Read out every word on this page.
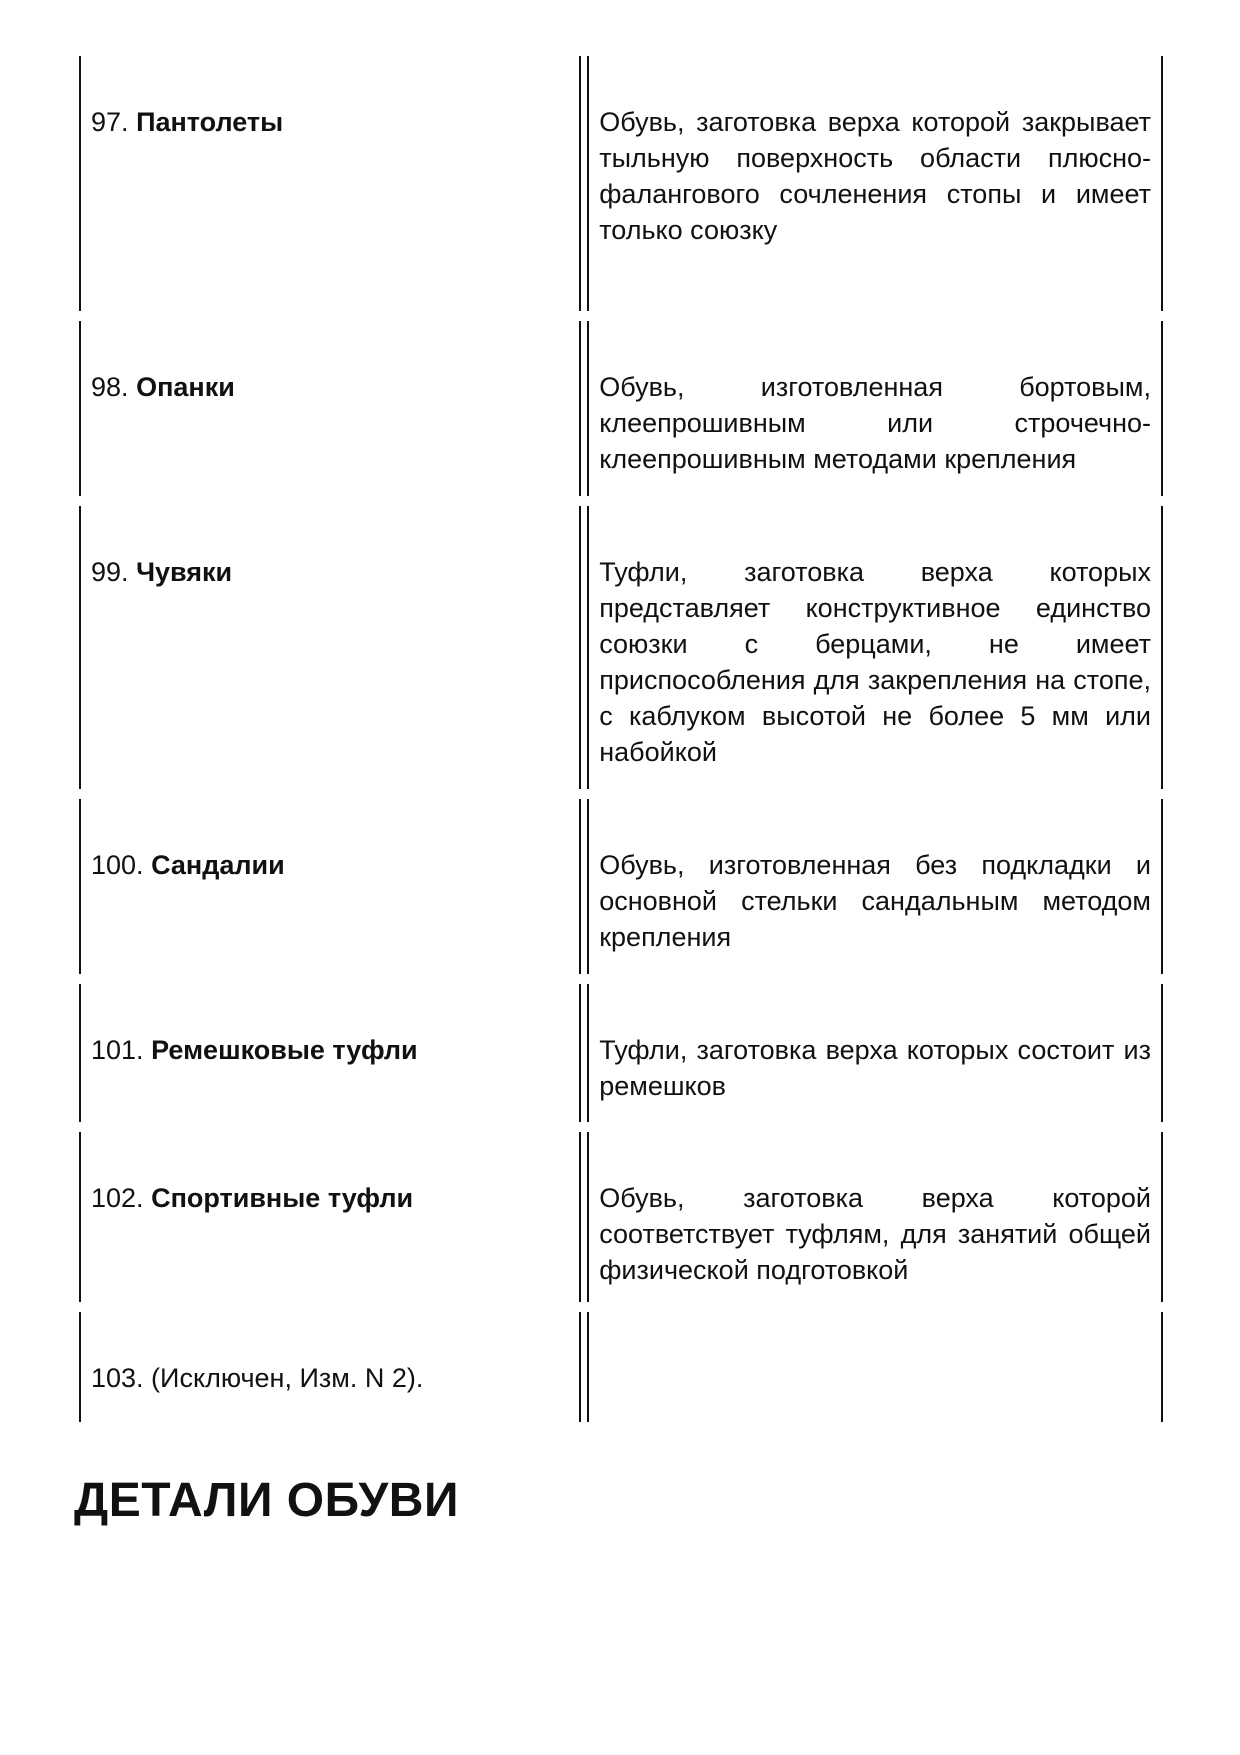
97. Пантолеты	Обувь, заготовка верха которой закрывает тыльную поверхность области плюсно-фалангового сочленения стопы и имеет только союзку
98. Опанки	Обувь, изготовленная бортовым, клеепрошивным или строчечно-клеепрошивным методами крепления
99. Чувяки	Туфли, заготовка верха которых представляет конструктивное единство союзки с берцами, не имеет приспособления для закрепления на стопе, с каблуком высотой не более 5 мм или набойкой
100. Сандалии	Обувь, изготовленная без подкладки и основной стельки сандальным методом крепления
101. Ремешковые туфли	Туфли, заготовка верха которых состоит из ремешков
102. Спортивные туфли	Обувь, заготовка верха которой соответствует туфлям, для занятий общей физической подготовкой
103. (Исключен, Изм. N 2).
ДЕТАЛИ ОБУВИ
